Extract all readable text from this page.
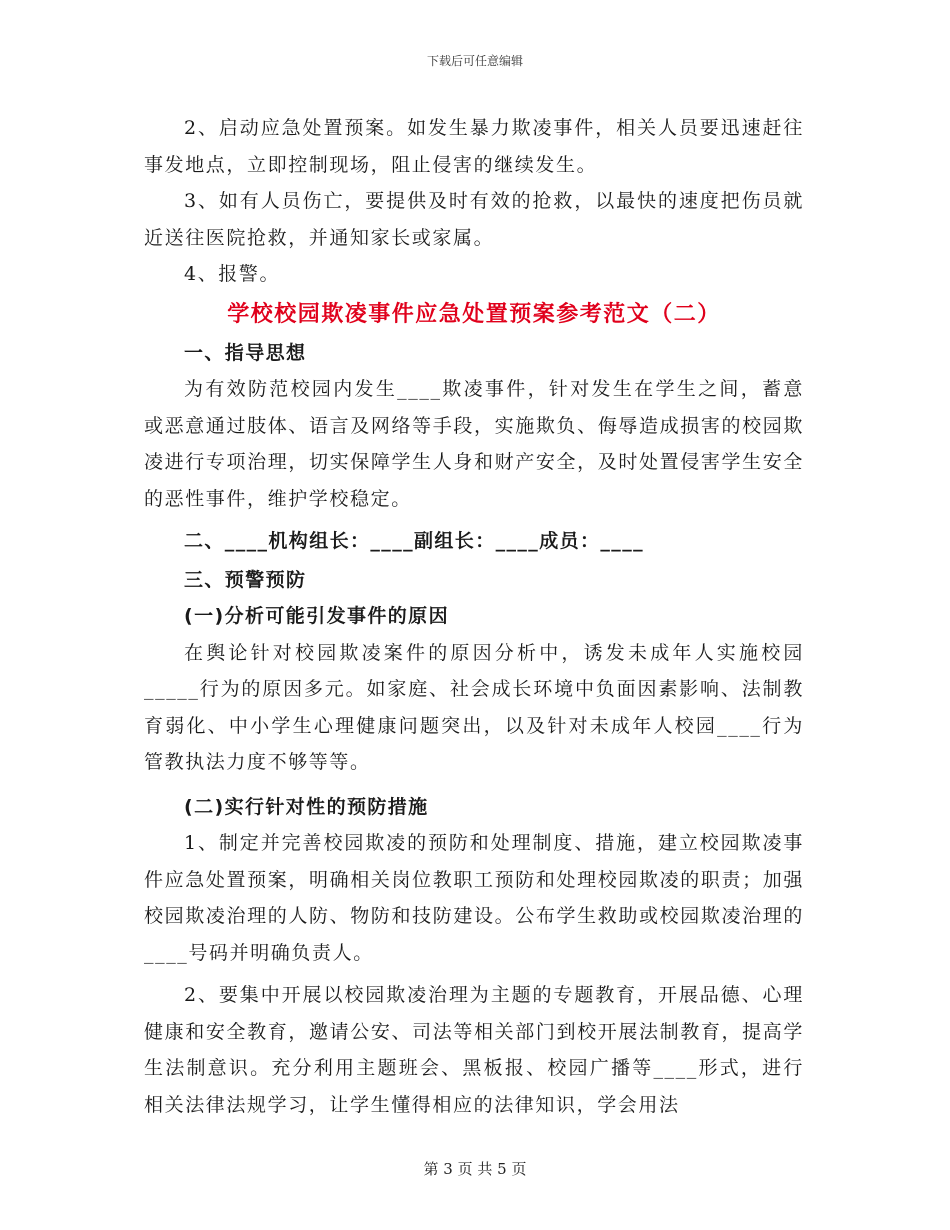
下载后可任意编辑

2、启动应急处置预案。如发生暴力欺凌事件，相关人员要迅速赶往事发地点，立即控制现场，阻止侵害的继续发生。

3、如有人员伤亡，要提供及时有效的抢救，以最快的速度把伤员就近送往医院抢救，并通知家长或家属。

4、报警。

学校校园欺凌事件应急处置预案参考范文（二）

一、指导思想

为有效防范校园内发生____欺凌事件，针对发生在学生之间，蓄意或恶意通过肢体、语言及网络等手段，实施欺负、侮辱造成损害的校园欺凌进行专项治理，切实保障学生人身和财产安全，及时处置侵害学生安全的恶性事件，维护学校稳定。

二、____机构组长：____副组长：____成员：____

三、预警预防

(一)分析可能引发事件的原因

在舆论针对校园欺凌案件的原因分析中，诱发未成年人实施校园_____行为的原因多元。如家庭、社会成长环境中负面因素影响、法制教育弱化、中小学生心理健康问题突出，以及针对未成年人校园____行为管教执法力度不够等等。

(二)实行针对性的预防措施

1、制定并完善校园欺凌的预防和处理制度、措施，建立校园欺凌事件应急处置预案，明确相关岗位教职工预防和处理校园欺凌的职责；加强校园欺凌治理的人防、物防和技防建设。公布学生救助或校园欺凌治理的____号码并明确负责人。

2、要集中开展以校园欺凌治理为主题的专题教育，开展品德、心理健康和安全教育，邀请公安、司法等相关部门到校开展法制教育，提高学生法制意识。充分利用主题班会、黑板报、校园广播等____形式，进行相关法律法规学习，让学生懂得相应的法律知识，学会用法

第 3 页 共 5 页
